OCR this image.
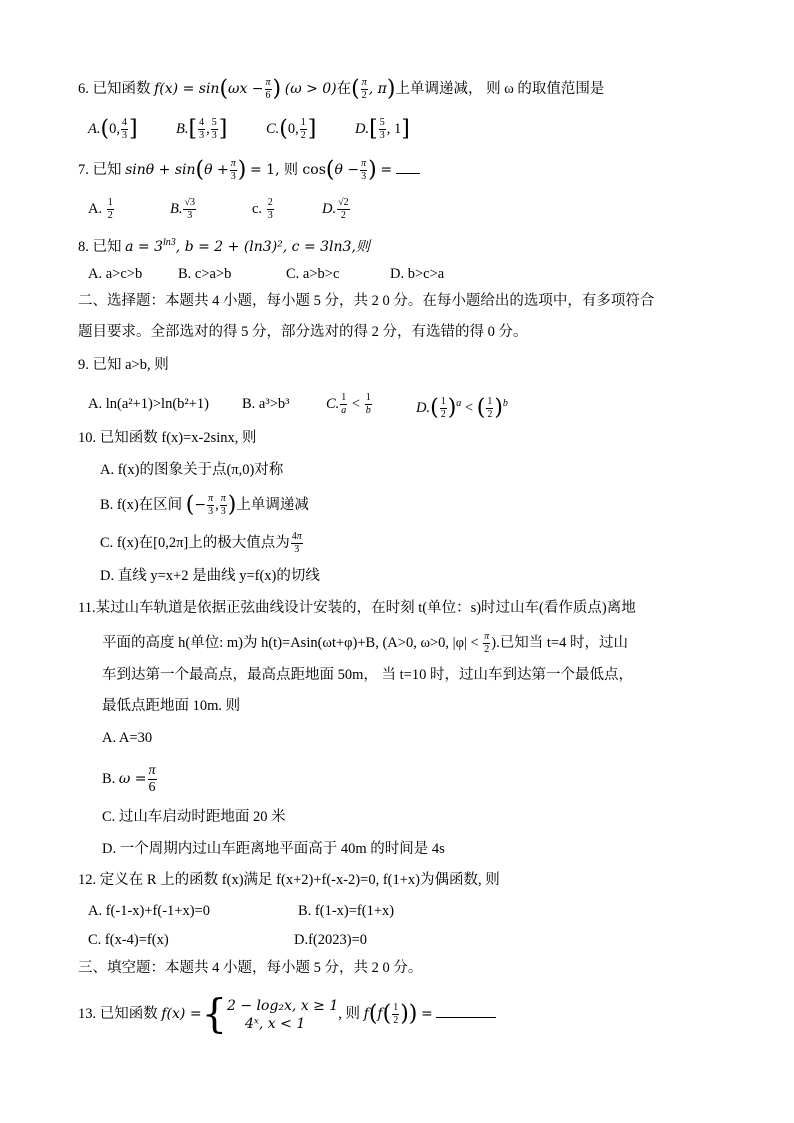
6. 已知函数 $f(x) = \sin(\omega x - \frac{\pi}{6}$ ) (ω > 0)在( $\frac{\pi}{2}$ , π)上单调递减， 则 ω 的取值范围是
A.(0, $\frac{4}{3}$ ]	$B.[ \frac{4}{3}$ , $\frac{5}{3}$ ]	C.(0, $\frac{1}{2}$ ]	$D.[ \frac{5}{3}$ , 1]
7. 已知 $\sin\theta + \sin(\theta + \frac{\pi}{3}$ ) = 1, 则 $\cos(\theta - \frac{\pi}{3}$ ) =
A. $\frac{1}{2}$	B. $\frac{√3}{3}$	c. $\frac{2}{3}$	D. $\frac{√2}{2}$
8. 已知 $a = 3^{ln3}$, b = 2 + (ln3)², c = 3ln3,则
A. a>c>b B. c>a>b	C. a>b>c	D. b>c>a
二、选择题：本题共 4 小题，每小题 5 分，共 2 0 分。在每小题给出的选项中，有多项符合
题目要求。全部选对的得 5 分，部分选对的得 2 分，有选错的得 0 分。
9. 已知 a>b, 则
A. ln(a²+1)>ln(b²+1) B. a³>b³	C. $\frac{1}{a} < \frac{1}{b}$	$D.( \frac{1}{2} )^a$ < ( $\frac{1}{2} )^b$
10. 已知函数 f(x)=x-2sinx, 则
A. f(x)的图象关于点(π,0)对称
B. f(x)在区间 (− $\frac{\pi}{3}$ , $\frac{\pi}{3}$ )上单调递减
C. f(x)在[0,2π]上的极大值点为 $\frac{4\pi}{3}$
D. 直线 y=x+2 是曲线 y=f(x)的切线
11.某过山车轨道是依据正弦曲线设计安装的，在时刻 t(单位：s)时过山车(看作质点)离地
平面的高度 h(单位: m)为 h(t)=Asin(ωt+φ)+B, (A>0, ω>0, $|\varphi| < \frac{\pi}{2}$ ).已知当 t=4 时，过山
车到达第一个最高点，最高点距地面 50m， 当 t=10 时，过山车到达第一个最低点，
最低点距地面 10m. 则
A. A=30
B. $\omega = \frac{\pi}{6}$
C. 过山车启动时距地面 20 米
D. 一个周期内过山车距离地平面高于 40m 的时间是 4s
12. 定义在 R 上的函数 f(x)满足 f(x+2)+f(-x-2)=0, f(1+x)为偶函数, 则
A. f(-1-x)+f(-1+x)=0	B. f(1-x)=f(1+x)
C. f(x-4)=f(x)	D.f(2023)=0
三、填空题：本题共 4 小题，每小题 5 分，共 2 0 分。
13. 已知函数 f(x) ={ 2 − log₂x, x ≥ 1
4ˣ, x < 1
, 则 $f(f( \frac{1}{2}$ )) =
